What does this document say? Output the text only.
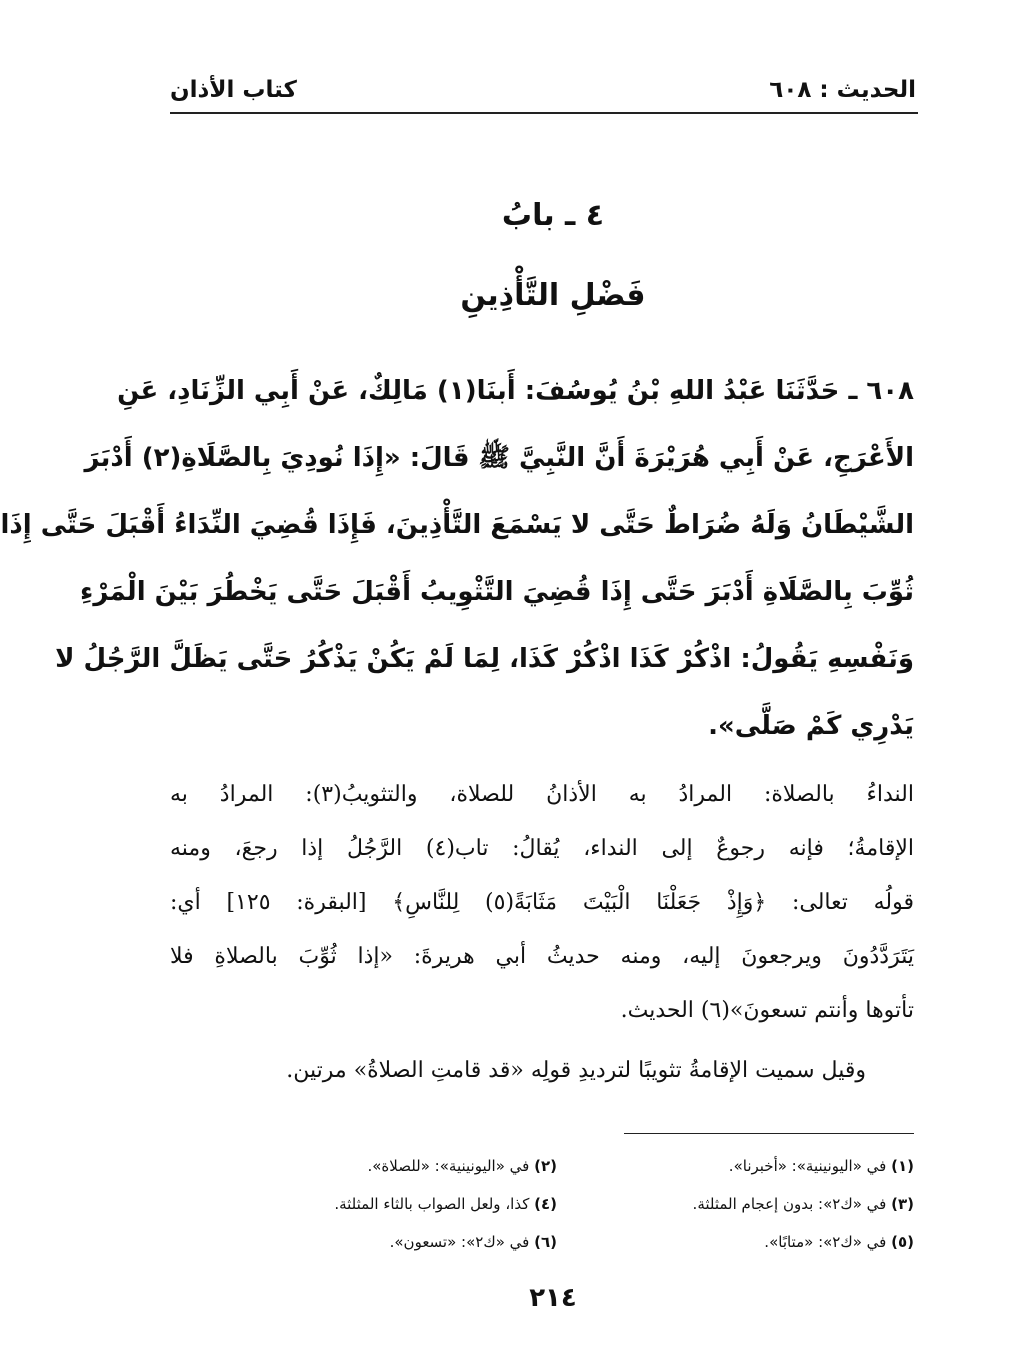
الحديث : ٦٠٨
كتاب الأذان
٤ ـ بابُ
فَضْلِ التَّأْذِينِ
٦٠٨ ـ حَدَّثَنَا عَبْدُ اللهِ بْنُ يُوسُفَ: أَبنَا(١) مَالِكٌ، عَنْ أَبِي الزِّنَادِ، عَنِ
الأَعْرَجِ، عَنْ أَبِي هُرَيْرَةَ أَنَّ النَّبِيَّ ﷺ قَالَ: «إِذَا نُودِيَ بِالصَّلَاةِ(٢) أَدْبَرَ
الشَّيْطَانُ وَلَهُ ضُرَاطٌ حَتَّى لا يَسْمَعَ التَّأْذِينَ، فَإِذَا قُضِيَ النِّدَاءُ أَقْبَلَ حَتَّى إِذَا
ثُوِّبَ بِالصَّلَاةِ أَدْبَرَ حَتَّى إِذَا قُضِيَ التَّثْوِيبُ أَقْبَلَ حَتَّى يَخْطُرَ بَيْنَ الْمَرْءِ
وَنَفْسِهِ يَقُولُ: اذْكُرْ كَذَا اذْكُرْ كَذَا، لِمَا لَمْ يَكُنْ يَذْكُرُ حَتَّى يَظَلَّ الرَّجُلُ لا
يَدْرِي كَمْ صَلَّى».
النداءُ بالصلاة: المرادُ به الأذانُ للصلاة، والتثويبُ(٣): المرادُ به
الإقامةُ؛ فإنه رجوعٌ إلى النداء، يُقالُ: تاب(٤) الرَّجُلُ إذا رجعَ، ومنه
قولُه تعالى: ﴿وَإِذْ جَعَلْنَا الْبَيْتَ مَثَابَةً(٥) لِلنَّاسِ﴾ [البقرة: ١٢٥] أي:
يَتَرَدَّدُونَ ويرجعونَ إليه، ومنه حديثُ أبي هريرةَ: «إذا ثُوِّبَ بالصلاةِ فلا
تأتوها وأنتم تسعونَ»(٦) الحديث.
وقيل سميت الإقامةُ تثويبًا لترديدِ قولِه «قد قامتِ الصلاةُ» مرتين.
(١) في «اليونينية»: «أخبرنا».
(٢) في «اليونينية»: «للصلاة».
(٣) في «ك٢»: بدون إعجام المثلثة.
(٤) كذا، ولعل الصواب بالثاء المثلثة.
(٥) في «ك٢»: «متابًا».
(٦) في «ك٢»: «تسعون».
٢١٤
